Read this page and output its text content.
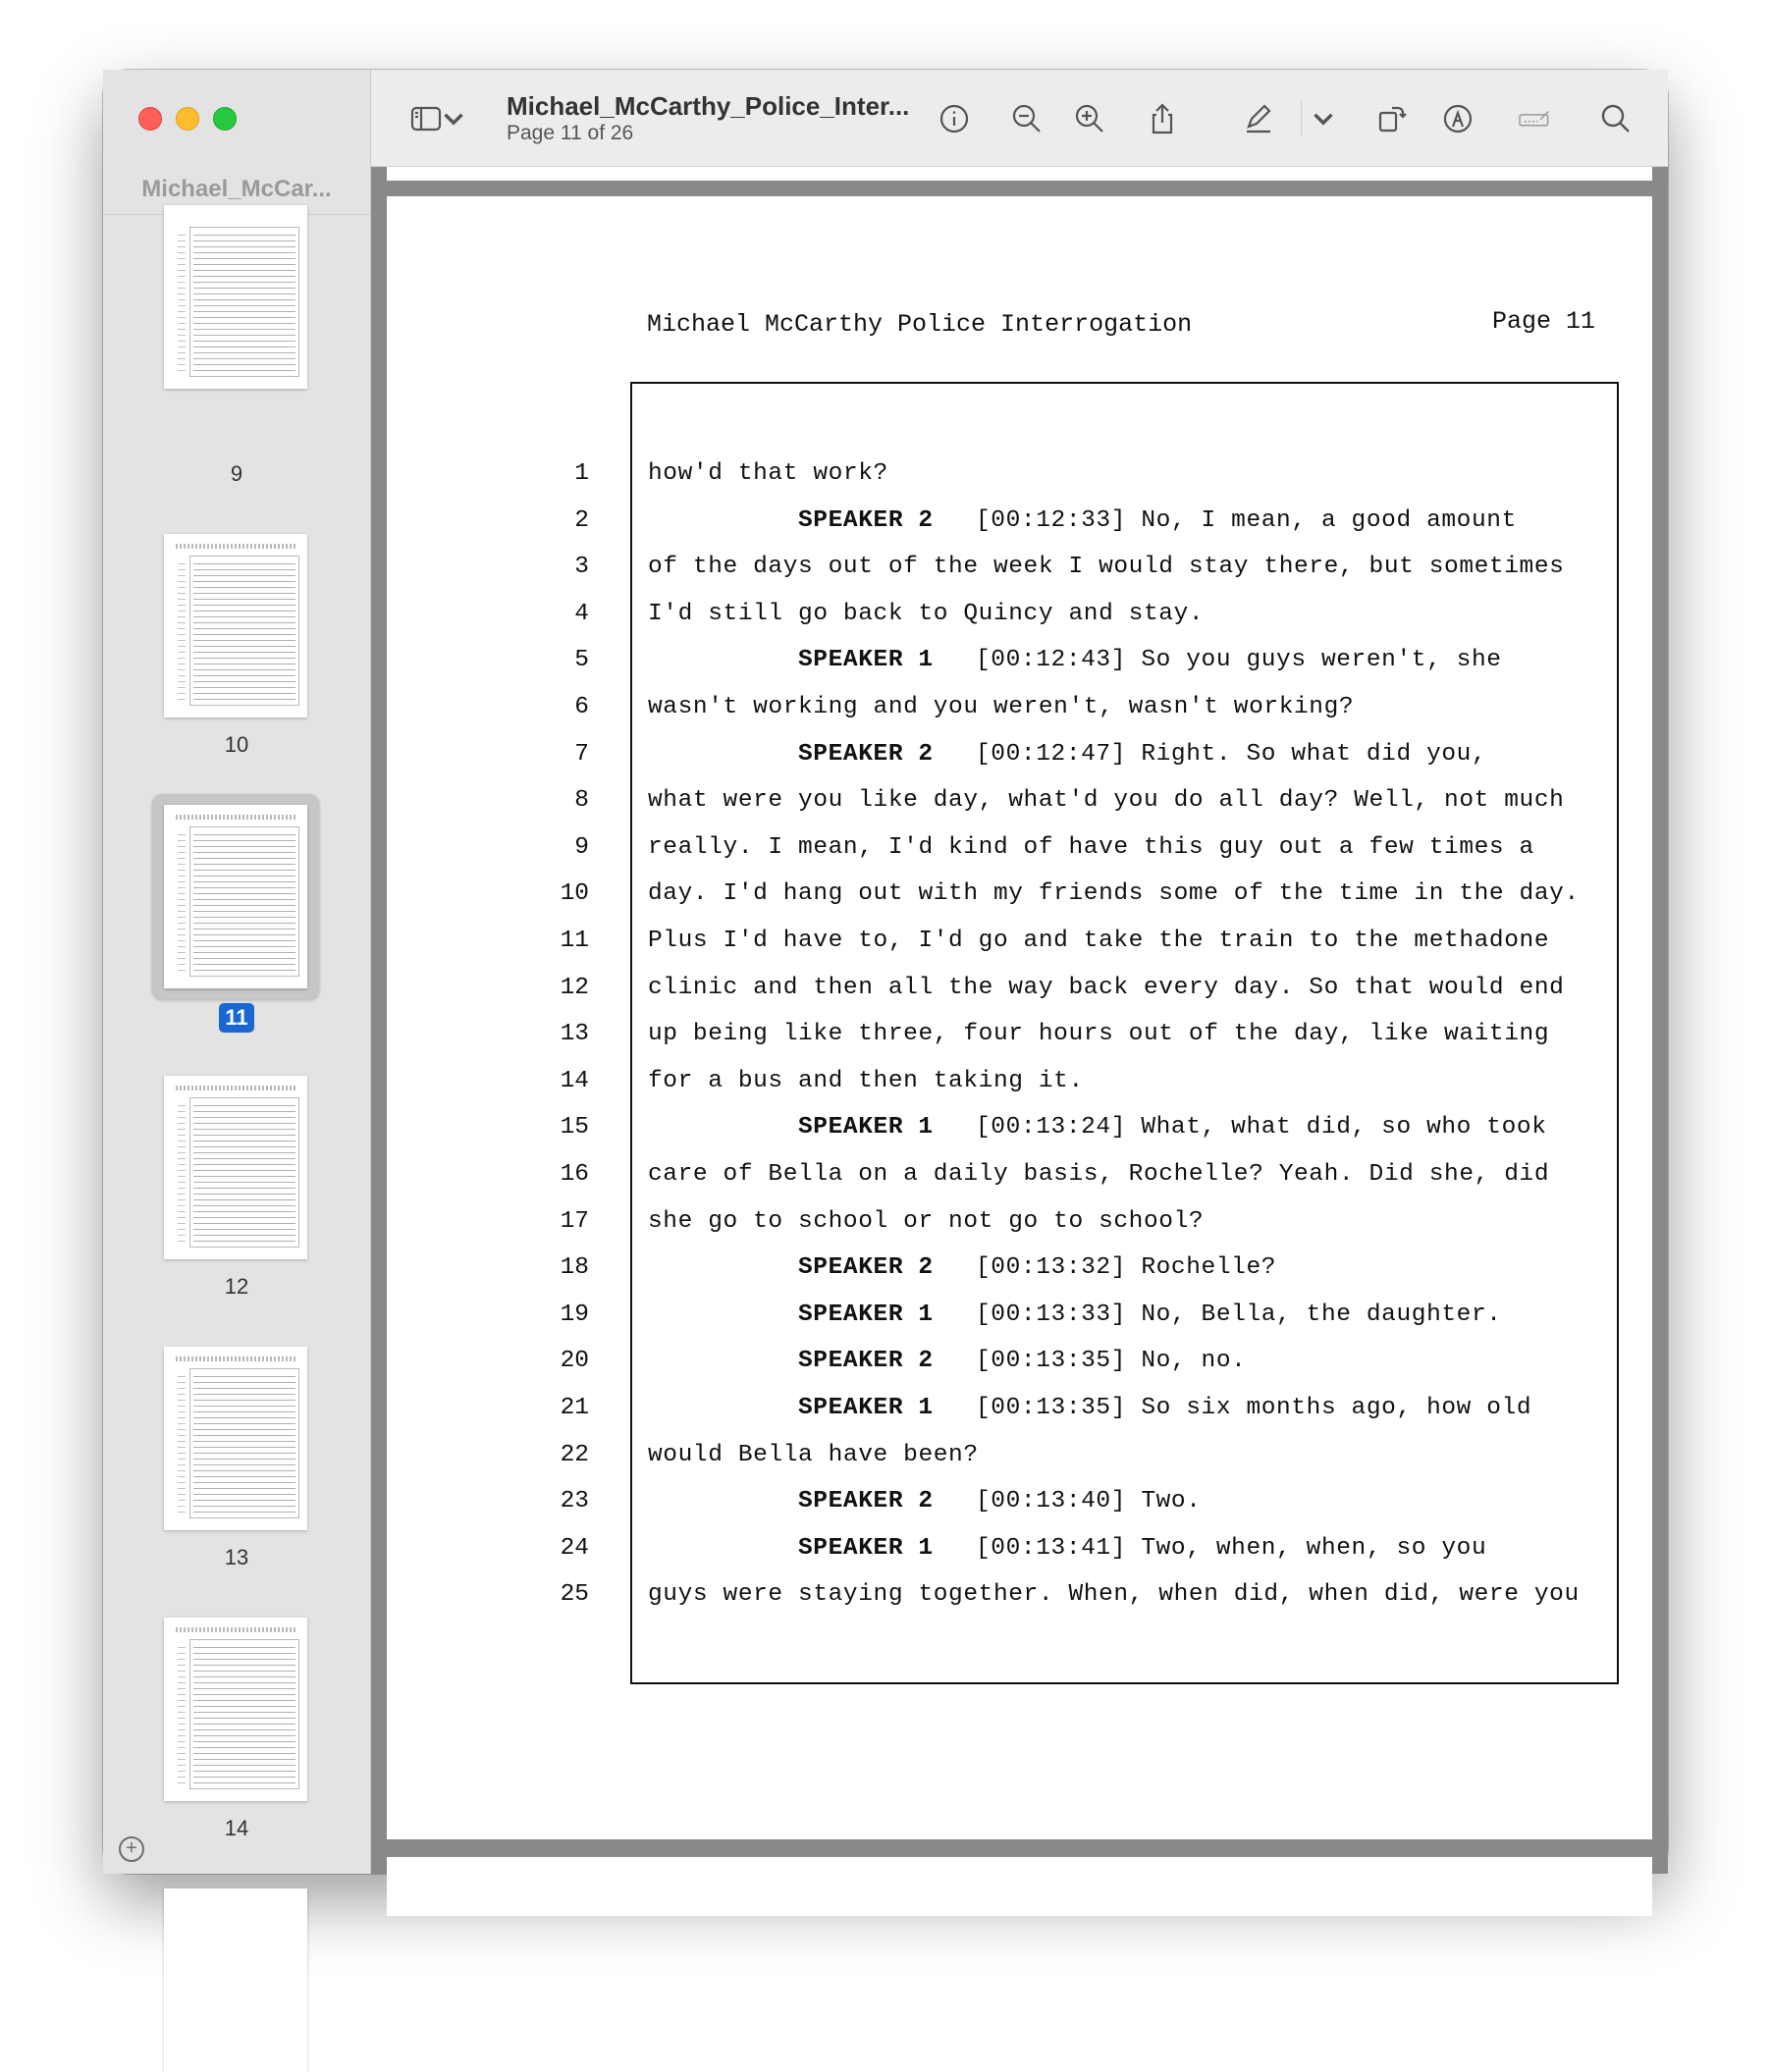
Michael_McCar...
9
10
11
12
13
14
+
Michael_McCarthy_Police_Inter...
Page 11 of 26
Michael McCarthy Police Interrogation	Page 11
1 how'd that work?
2	SPEAKER 2 [00:12:33] No, I mean, a good amount
3 of the days out of the week I would stay there, but sometimes
4 I'd still go back to Quincy and stay.
5	SPEAKER 1 [00:12:43] So you guys weren't, she
6 wasn't working and you weren't, wasn't working?
7	SPEAKER 2 [00:12:47] Right. So what did you,
8 what were you like day, what'd you do all day? Well, not much
9 really. I mean, I'd kind of have this guy out a few times a
10 day. I'd hang out with my friends some of the time in the day.
11 Plus I'd have to, I'd go and take the train to the methadone
12 clinic and then all the way back every day. So that would end
13 up being like three, four hours out of the day, like waiting
14 for a bus and then taking it.
15	SPEAKER 1 [00:13:24] What, what did, so who took
16 care of Bella on a daily basis, Rochelle? Yeah. Did she, did
17 she go to school or not go to school?
18	SPEAKER 2 [00:13:32] Rochelle?
19	SPEAKER 1 [00:13:33] No, Bella, the daughter.
20	SPEAKER 2 [00:13:35] No, no.
21	SPEAKER 1 [00:13:35] So six months ago, how old
22 would Bella have been?
23	SPEAKER 2 [00:13:40] Two.
24	SPEAKER 1 [00:13:41] Two, when, when, so you
25 guys were staying together. When, when did, when did, were you
